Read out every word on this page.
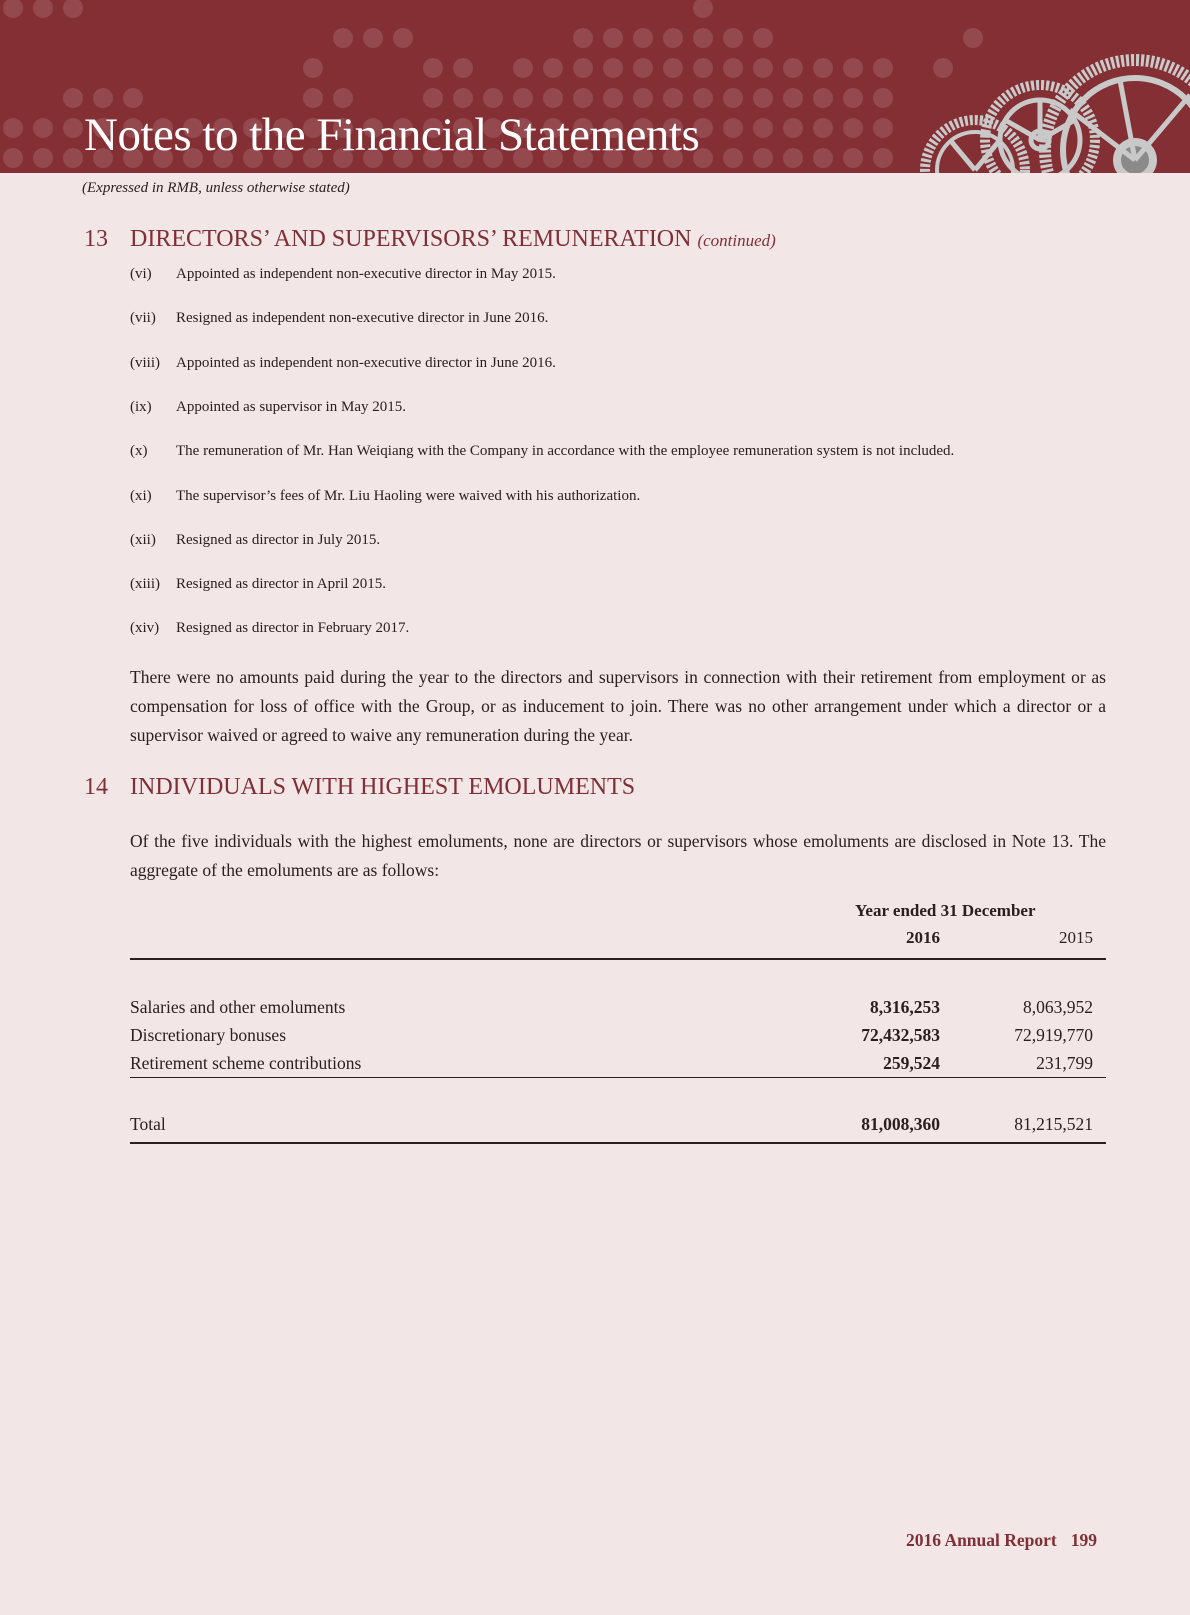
Notes to the Financial Statements
(Expressed in RMB, unless otherwise stated)
13 DIRECTORS’ AND SUPERVISORS’ REMUNERATION (continued)
(vi) Appointed as independent non-executive director in May 2015.
(vii) Resigned as independent non-executive director in June 2016.
(viii) Appointed as independent non-executive director in June 2016.
(ix) Appointed as supervisor in May 2015.
(x) The remuneration of Mr. Han Weiqiang with the Company in accordance with the employee remuneration system is not included.
(xi) The supervisor’s fees of Mr. Liu Haoling were waived with his authorization.
(xii) Resigned as director in July 2015.
(xiii) Resigned as director in April 2015.
(xiv) Resigned as director in February 2017.
There were no amounts paid during the year to the directors and supervisors in connection with their retirement from employment or as compensation for loss of office with the Group, or as inducement to join. There was no other arrangement under which a director or a supervisor waived or agreed to waive any remuneration during the year.
14 INDIVIDUALS WITH HIGHEST EMOLUMENTS
Of the five individuals with the highest emoluments, none are directors or supervisors whose emoluments are disclosed in Note 13. The aggregate of the emoluments are as follows:
Year ended 31 December
2016	2015
Salaries and other emoluments	8,316,253	8,063,952
Discretionary bonuses	72,432,583	72,919,770
Retirement scheme contributions	259,524	231,799
Total	81,008,360	81,215,521
2016 Annual Report 199
